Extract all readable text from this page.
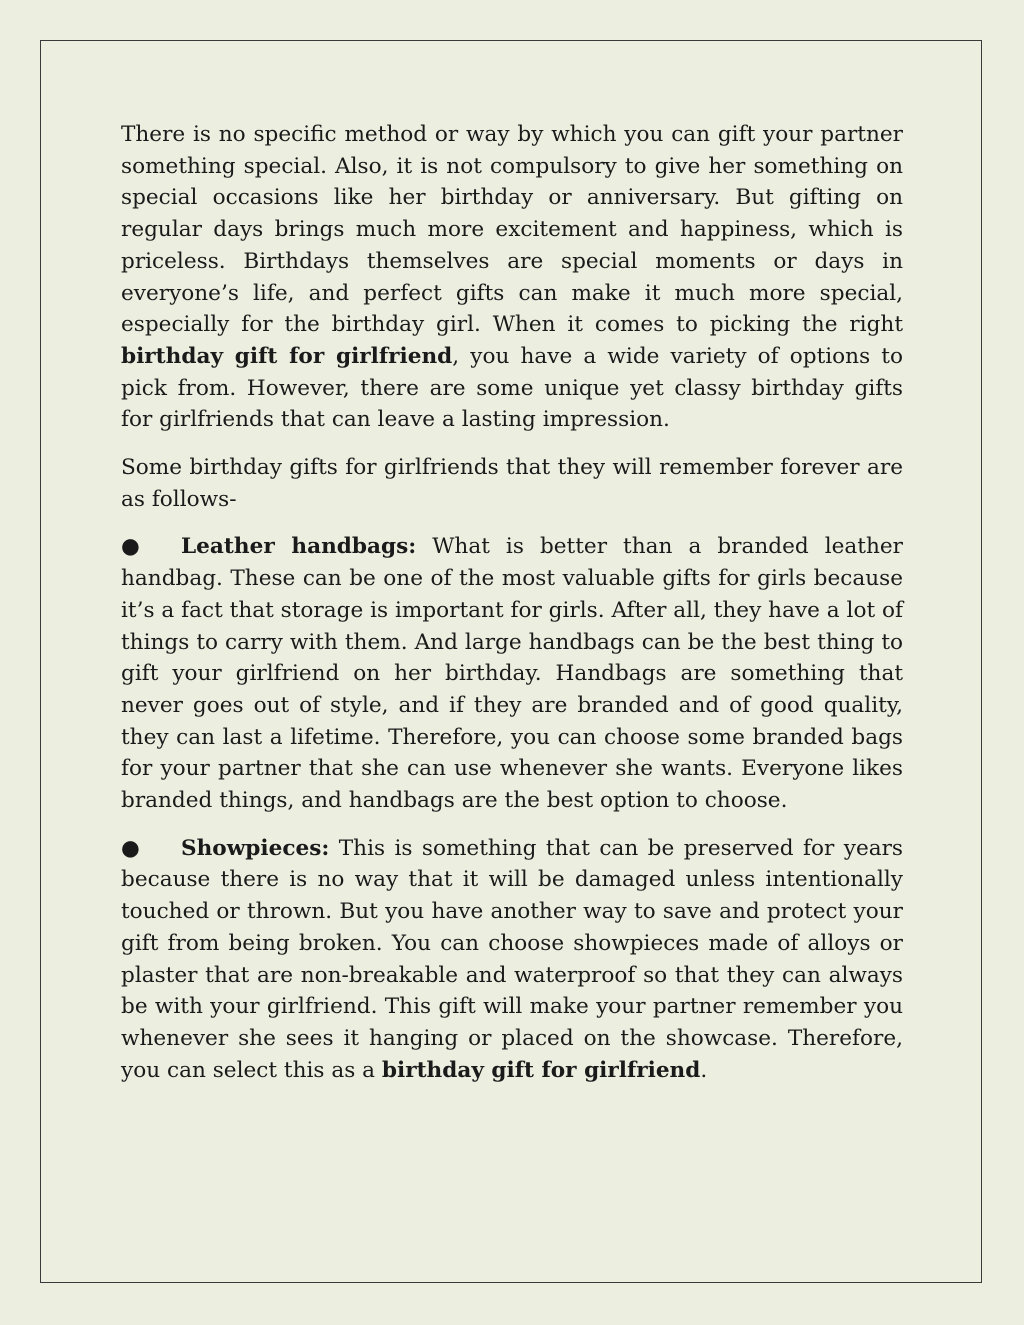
There is no specific method or way by which you can gift your partner something special. Also, it is not compulsory to give her something on special occasions like her birthday or anniversary. But gifting on regular days brings much more excitement and happiness, which is priceless. Birthdays themselves are special moments or days in everyone’s life, and perfect gifts can make it much more special, especially for the birthday girl. When it comes to picking the right birthday gift for girlfriend, you have a wide variety of options to pick from. However, there are some unique yet classy birthday gifts for girlfriends that can leave a lasting impression.

Some birthday gifts for girlfriends that they will remember forever are as follows-

● Leather handbags: What is better than a branded leather handbag. These can be one of the most valuable gifts for girls because it’s a fact that storage is important for girls. After all, they have a lot of things to carry with them. And large handbags can be the best thing to gift your girlfriend on her birthday. Handbags are something that never goes out of style, and if they are branded and of good quality, they can last a lifetime. Therefore, you can choose some branded bags for your partner that she can use whenever she wants. Everyone likes branded things, and handbags are the best option to choose.

● Showpieces: This is something that can be preserved for years because there is no way that it will be damaged unless intentionally touched or thrown. But you have another way to save and protect your gift from being broken. You can choose showpieces made of alloys or plaster that are non-breakable and waterproof so that they can always be with your girlfriend. This gift will make your partner remember you whenever she sees it hanging or placed on the showcase. Therefore, you can select this as a birthday gift for girlfriend.
